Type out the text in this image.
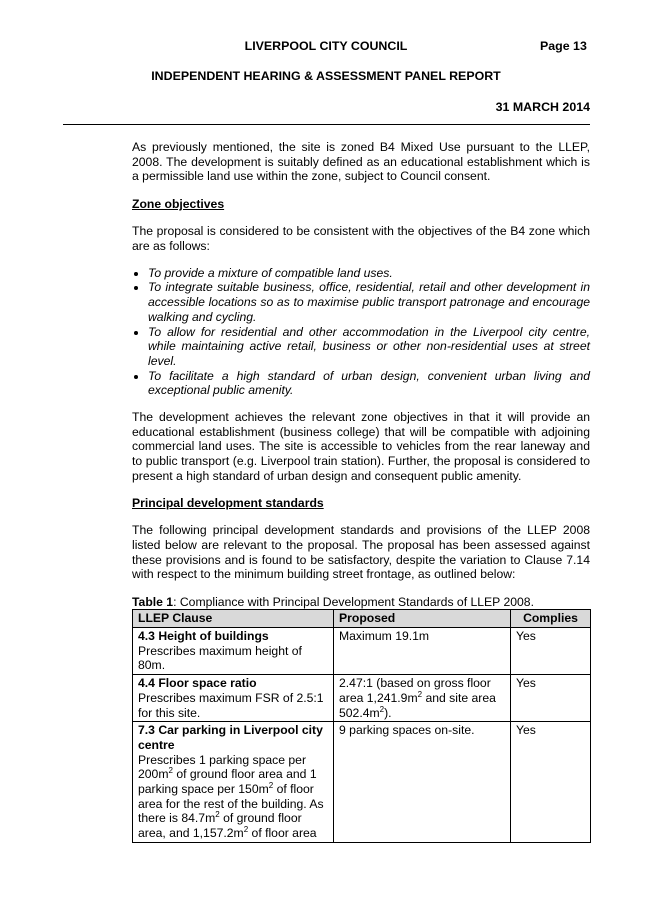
LIVERPOOL CITY COUNCIL	Page 13
INDEPENDENT HEARING & ASSESSMENT PANEL REPORT
31 MARCH 2014

As previously mentioned, the site is zoned B4 Mixed Use pursuant to the LLEP, 2008. The development is suitably defined as an educational establishment which is a permissible land use within the zone, subject to Council consent.

Zone objectives

The proposal is considered to be consistent with the objectives of the B4 zone which are as follows:

• To provide a mixture of compatible land uses.
• To integrate suitable business, office, residential, retail and other development in accessible locations so as to maximise public transport patronage and encourage walking and cycling.
• To allow for residential and other accommodation in the Liverpool city centre, while maintaining active retail, business or other non-residential uses at street level.
• To facilitate a high standard of urban design, convenient urban living and exceptional public amenity.

The development achieves the relevant zone objectives in that it will provide an educational establishment (business college) that will be compatible with adjoining commercial land uses. The site is accessible to vehicles from the rear laneway and to public transport (e.g. Liverpool train station). Further, the proposal is considered to present a high standard of urban design and consequent public amenity.

Principal development standards

The following principal development standards and provisions of the LLEP 2008 listed below are relevant to the proposal. The proposal has been assessed against these provisions and is found to be satisfactory, despite the variation to Clause 7.14 with respect to the minimum building street frontage, as outlined below:

Table 1: Compliance with Principal Development Standards of LLEP 2008.
LLEP Clause	Proposed	Complies

4.3 Height of buildings
Prescribes maximum height of 80m.	Maximum 19.1m	Yes

4.4 Floor space ratio
Prescribes maximum FSR of 2.5:1 for this site.	2.47:1 (based on gross floor area $1,241.9m^2$ and site area $502.4m^2$).	Yes

7.3 Car parking in Liverpool city centre
Prescribes 1 parking space per $200m^2$ of ground floor area and 1 parking space per $150m^2$ of floor area for the rest of the building. As there is $84.7m^2$ of ground floor area, and $1,157.2m^2$ of floor area	9 parking spaces on-site.	Yes
